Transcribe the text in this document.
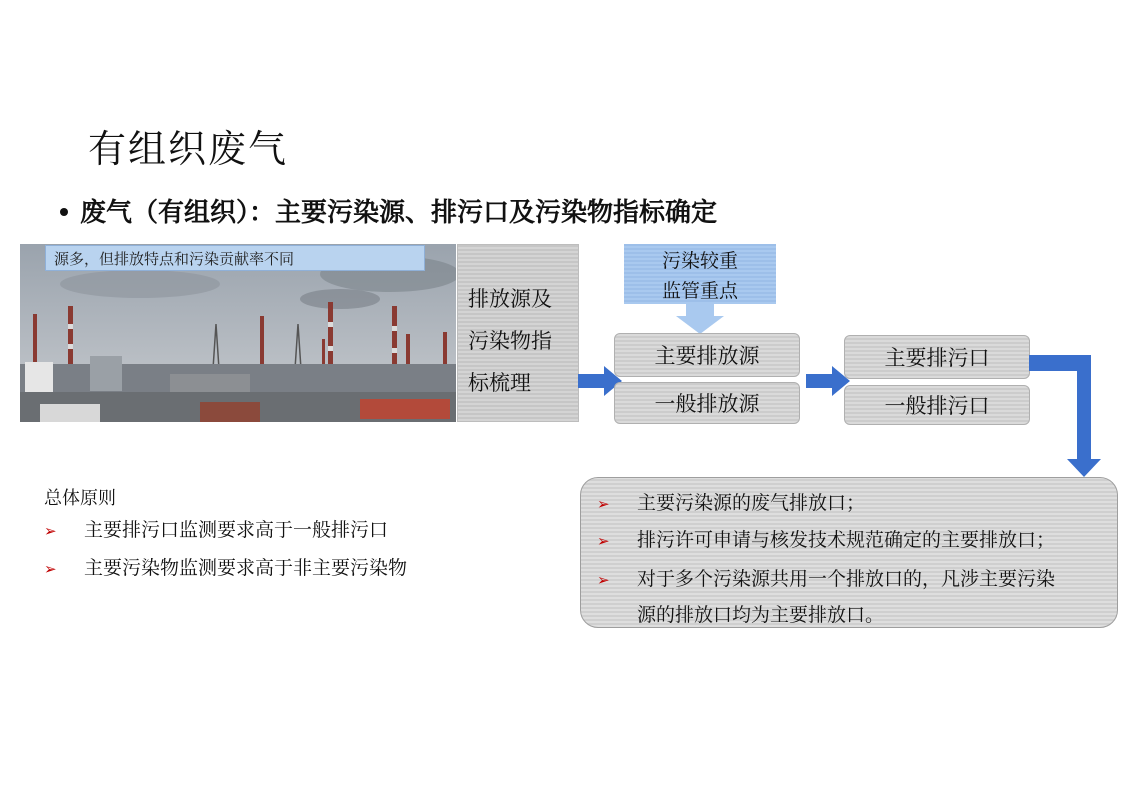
有组织废气
废气（有组织）：主要污染源、排污口及污染物指标确定
源多，但排放特点和污染贡献率不同
排放源及
污染物指
标梳理
污染较重
监管重点
主要排放源
一般排放源
主要排污口
一般排污口
总体原则
➢ 主要排污口监测要求高于一般排污口
➢ 主要污染物监测要求高于非主要污染物
➢ 主要污染源的废气排放口；
➢ 排污许可申请与核发技术规范确定的主要排放口；
➢ 对于多个污染源共用一个排放口的，凡涉主要污染
源的排放口均为主要排放口。
